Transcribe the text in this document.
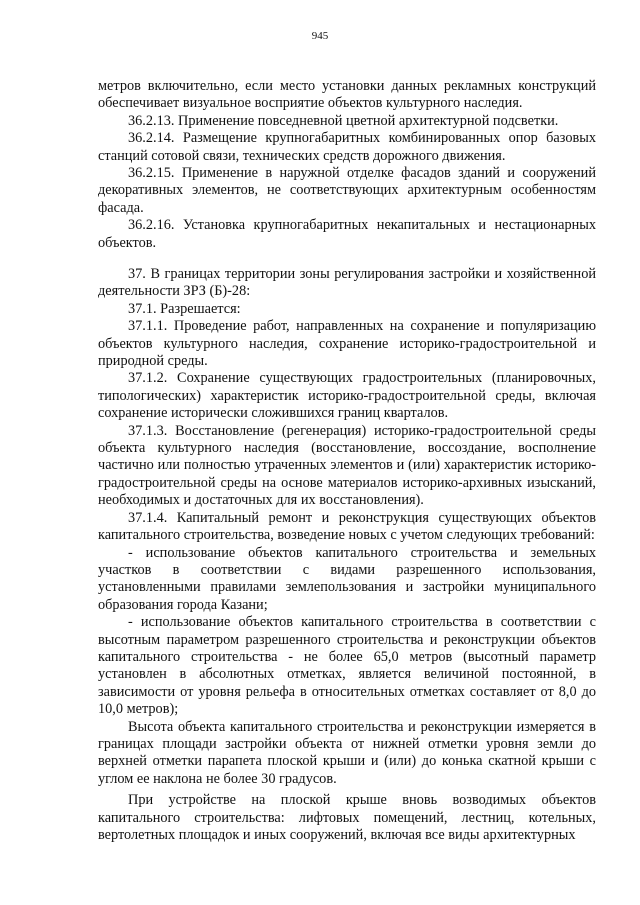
945

метров включительно, если место установки данных рекламных конструкций обеспечивает визуальное восприятие объектов культурного наследия.

36.2.13. Применение повседневной цветной архитектурной подсветки.

36.2.14. Размещение крупногабаритных комбинированных опор базовых станций сотовой связи, технических средств дорожного движения.

36.2.15. Применение в наружной отделке фасадов зданий и сооружений декоративных элементов, не соответствующих архитектурным особенностям фасада.

36.2.16. Установка крупногабаритных некапитальных и нестационарных объектов.

37. В границах территории зоны регулирования застройки и хозяйственной деятельности ЗРЗ (Б)-28:

37.1. Разрешается:

37.1.1. Проведение работ, направленных на сохранение и популяризацию объектов культурного наследия, сохранение историко-градостроительной и природной среды.

37.1.2. Сохранение существующих градостроительных (планировочных, типологических) характеристик историко-градостроительной среды, включая сохранение исторически сложившихся границ кварталов.

37.1.3. Восстановление (регенерация) историко-градостроительной среды объекта культурного наследия (восстановление, воссоздание, восполнение частично или полностью утраченных элементов и (или) характеристик историко-градостроительной среды на основе материалов историко-архивных изысканий, необходимых и достаточных для их восстановления).

37.1.4. Капитальный ремонт и реконструкция существующих объектов капитального строительства, возведение новых с учетом следующих требований:

- использование объектов капитального строительства и земельных участков в соответствии с видами разрешенного использования, установленными правилами землепользования и застройки муниципального образования города Казани;

- использование объектов капитального строительства в соответствии с высотным параметром разрешенного строительства и реконструкции объектов капитального строительства - не более 65,0 метров (высотный параметр установлен в абсолютных отметках, является величиной постоянной, в зависимости от уровня рельефа в относительных отметках составляет от 8,0 до 10,0 метров);

Высота объекта капитального строительства и реконструкции измеряется в границах площади застройки объекта от нижней отметки уровня земли до верхней отметки парапета плоской крыши и (или) до конька скатной крыши с углом ее наклона не более 30 градусов.

При устройстве на плоской крыше вновь возводимых объектов капитального строительства: лифтовых помещений, лестниц, котельных, вертолетных площадок и иных сооружений, включая все виды архитектурных
